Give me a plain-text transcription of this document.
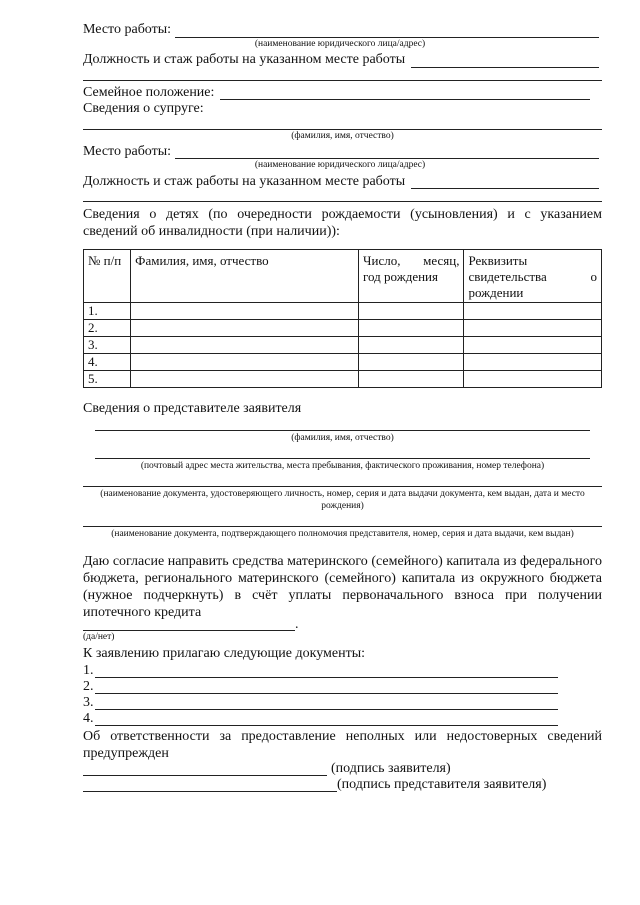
Место работы:
(наименование юридического лица/адрес)
Должность и стаж работы на указанном месте работы
Семейное положение:
Сведения о супруге:
(фамилия, имя, отчество)
Место работы:
(наименование юридического лица/адрес)
Должность и стаж работы на указанном месте работы
Сведения о детях (по очередности рождаемости (усыновления) и с указанием сведений об инвалидности (при наличии)):
№ п/п	Фамилия, имя, отчество	Число, месяц, год рождения	Реквизиты свидетельства о рождении
1.			
2.			
3.			
4.			
5.			
Сведения о представителе заявителя
(фамилия, имя, отчество)
(почтовый адрес места жительства, места пребывания, фактического проживания, номер телефона)
(наименование документа, удостоверяющего личность, номер, серия и дата выдачи документа, кем выдан, дата и место рождения)
(наименование документа, подтверждающего полномочия представителя, номер, серия и дата выдачи, кем выдан)
Даю согласие направить средства материнского (семейного) капитала из федерального бюджета, регионального материнского (семейного) капитала из окружного бюджета (нужное подчеркнуть) в счёт уплаты первоначального взноса при получении ипотечного кредита
.
(да/нет)
К заявлению прилагаю следующие документы:
1.
2.
3.
4.
Об ответственности за предоставление неполных или недостоверных сведений предупрежден
(подпись заявителя)
(подпись представителя заявителя)
